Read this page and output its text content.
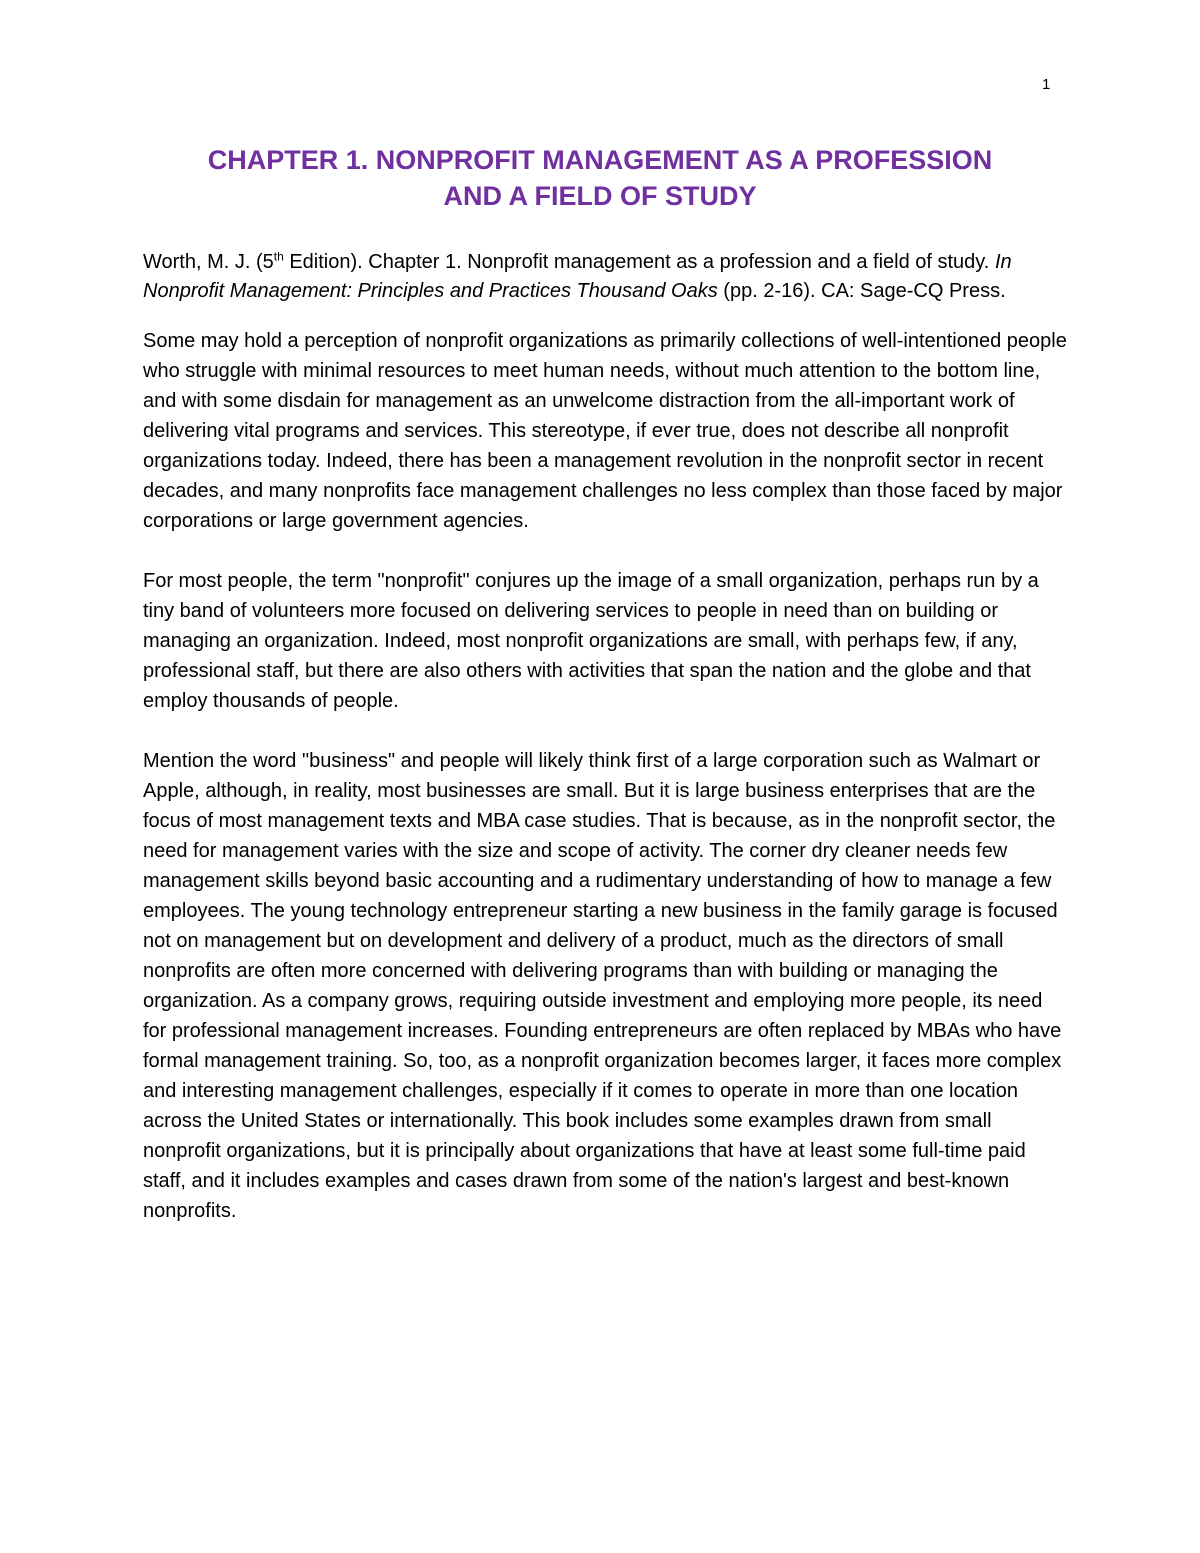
1
CHAPTER 1. NONPROFIT MANAGEMENT AS A PROFESSION
AND A FIELD OF STUDY

Worth, M. J. (5th Edition). Chapter 1. Nonprofit management as a profession and a field of study. In Nonprofit Management: Principles and Practices Thousand Oaks (pp. 2-16). CA: Sage-CQ Press.

Some may hold a perception of nonprofit organizations as primarily collections of well-intentioned people who struggle with minimal resources to meet human needs, without much attention to the bottom line, and with some disdain for management as an unwelcome distraction from the all-important work of delivering vital programs and services. This stereotype, if ever true, does not describe all nonprofit organizations today. Indeed, there has been a management revolution in the nonprofit sector in recent decades, and many nonprofits face management challenges no less complex than those faced by major corporations or large government agencies.

For most people, the term "nonprofit" conjures up the image of a small organization, perhaps run by a tiny band of volunteers more focused on delivering services to people in need than on building or managing an organization. Indeed, most nonprofit organizations are small, with perhaps few, if any, professional staff, but there are also others with activities that span the nation and the globe and that employ thousands of people.

Mention the word "business" and people will likely think first of a large corporation such as Walmart or Apple, although, in reality, most businesses are small. But it is large business enterprises that are the focus of most management texts and MBA case studies. That is because, as in the nonprofit sector, the need for management varies with the size and scope of activity. The corner dry cleaner needs few management skills beyond basic accounting and a rudimentary understanding of how to manage a few employees. The young technology entrepreneur starting a new business in the family garage is focused not on management but on development and delivery of a product, much as the directors of small nonprofits are often more concerned with delivering programs than with building or managing the organization. As a company grows, requiring outside investment and employing more people, its need for professional management increases. Founding entrepreneurs are often replaced by MBAs who have formal management training. So, too, as a nonprofit organization becomes larger, it faces more complex and interesting management challenges, especially if it comes to operate in more than one location across the United States or internationally. This book includes some examples drawn from small nonprofit organizations, but it is principally about organizations that have at least some full-time paid staff, and it includes examples and cases drawn from some of the nation's largest and best-known nonprofits.
